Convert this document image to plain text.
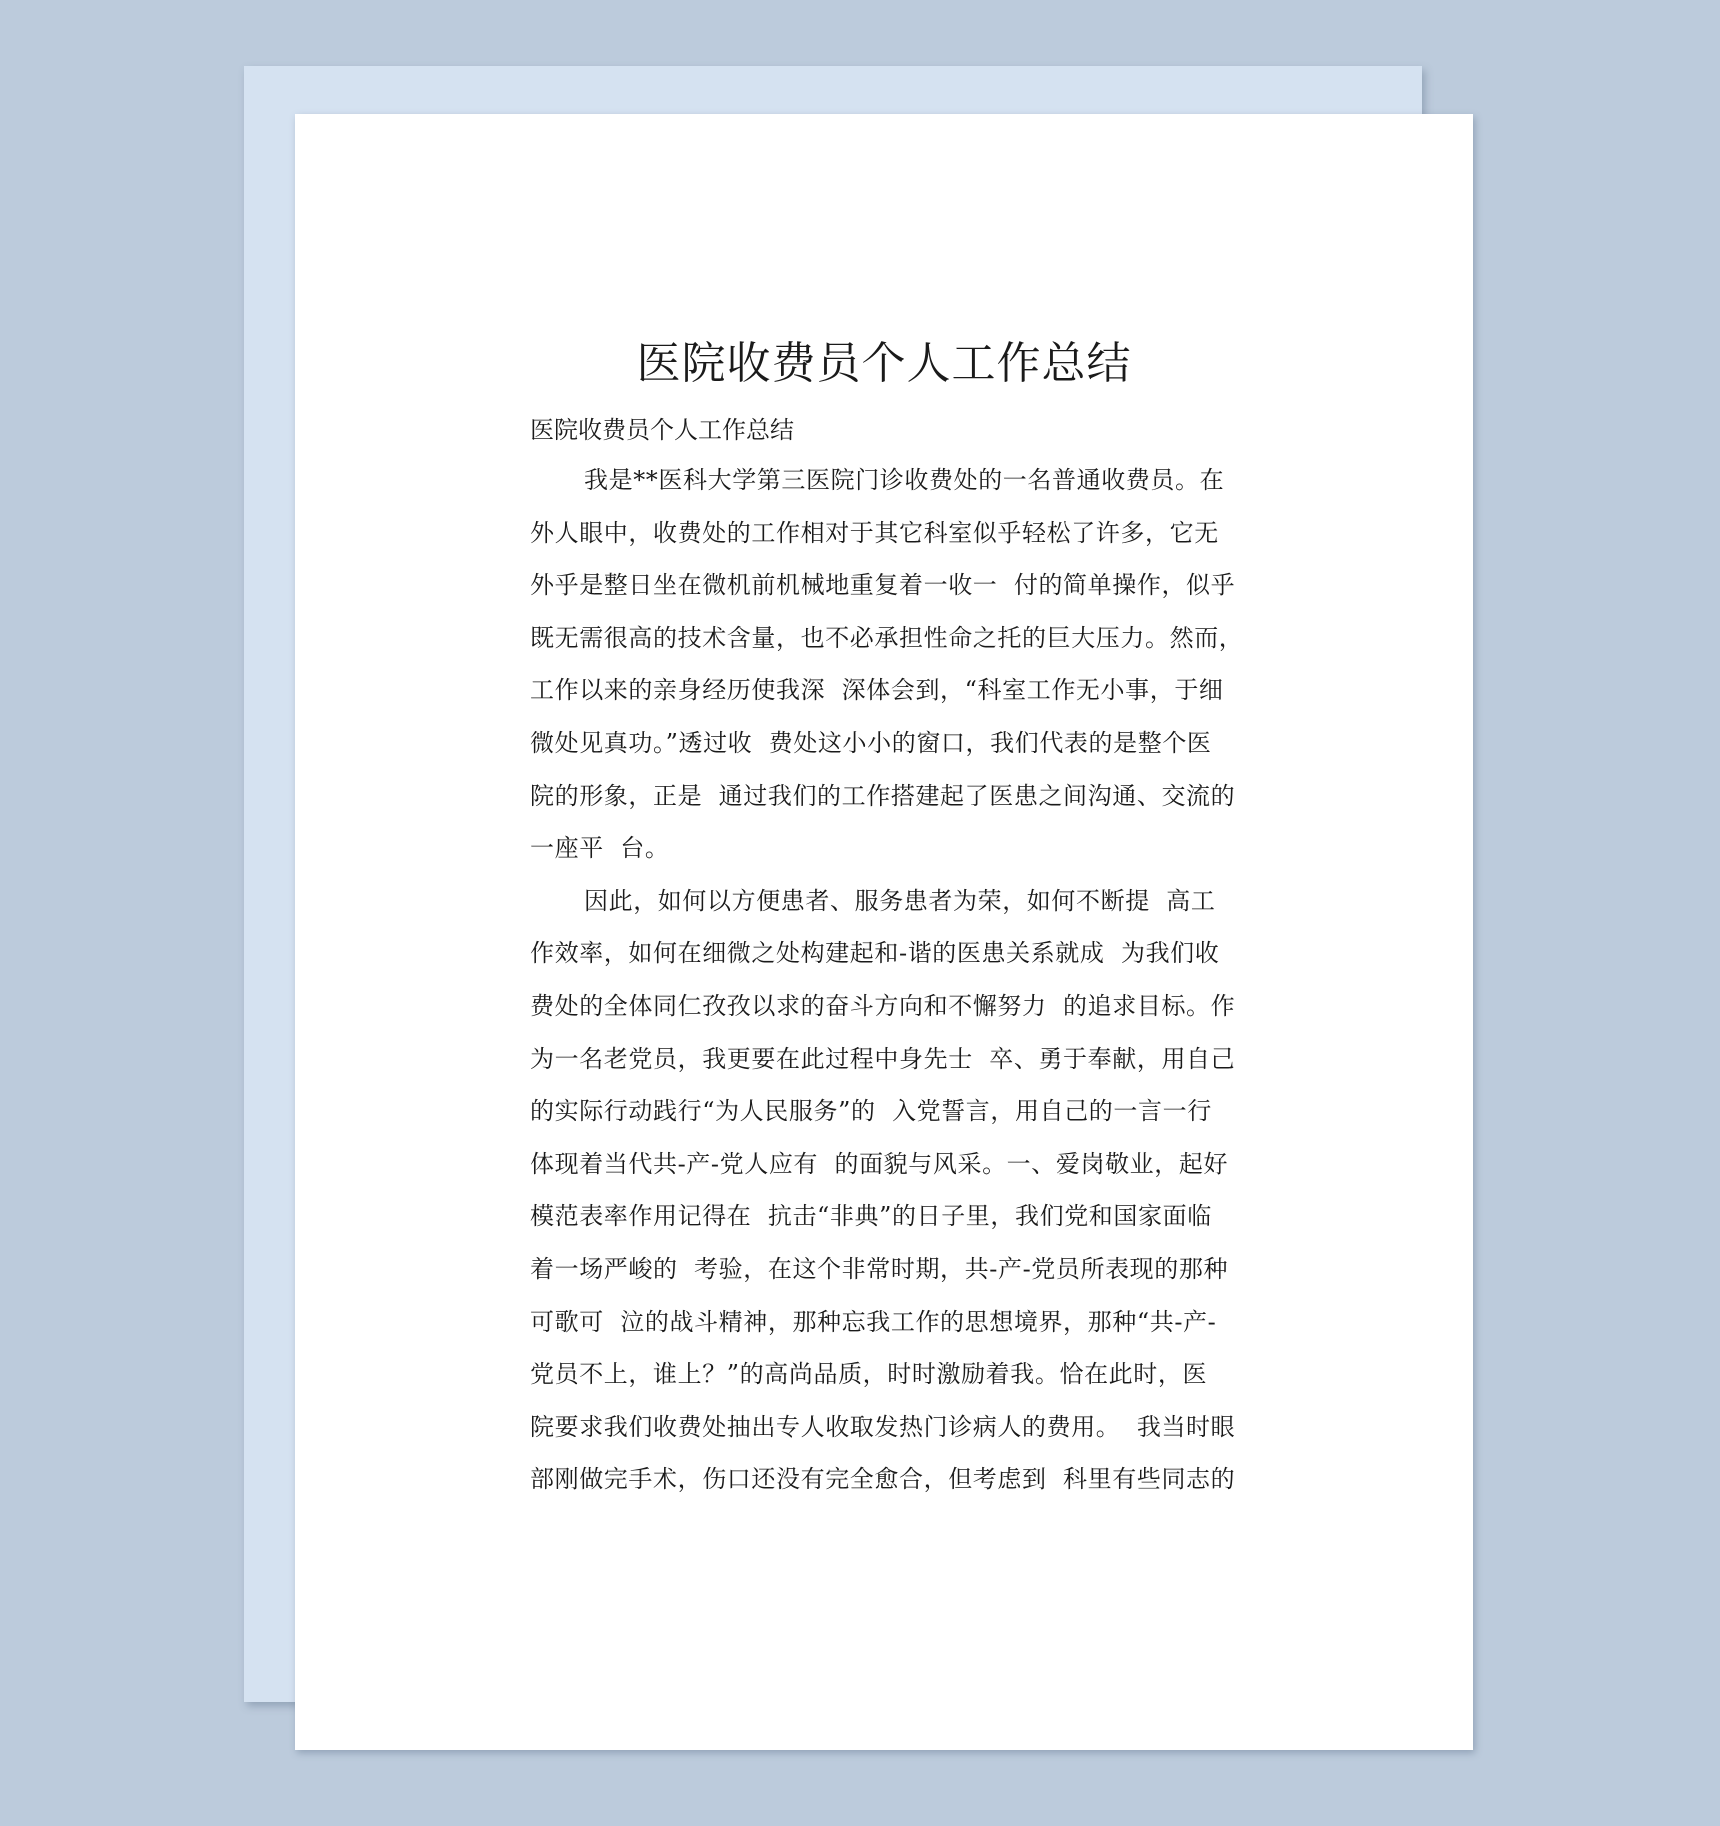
医院收费员个人工作总结
医院收费员个人工作总结
我是**医科大学第三医院门诊收费处的一名普通收费员。在
外人眼中，收费处的工作相对于其它科室似乎轻松了许多，它无
外乎是整日坐在微机前机械地重复着一收一  付的简单操作，似乎
既无需很高的技术含量，也不必承担性命之托的巨大压力。然而，
工作以来的亲身经历使我深  深体会到，“科室工作无小事，于细
微处见真功。”透过收  费处这小小的窗口，我们代表的是整个医
院的形象，正是  通过我们的工作搭建起了医患之间沟通、交流的
一座平  台。
因此，如何以方便患者、服务患者为荣，如何不断提  高工
作效率，如何在细微之处构建起和-谐的医患关系就成  为我们收
费处的全体同仁孜孜以求的奋斗方向和不懈努力  的追求目标。作
为一名老党员，我更要在此过程中身先士  卒、勇于奉献，用自己
的实际行动践行“为人民服务”的  入党誓言，用自己的一言一行
体现着当代共-产-党人应有  的面貌与风采。一、爱岗敬业，起好
模范表率作用记得在  抗击“非典”的日子里，我们党和国家面临
着一场严峻的  考验，在这个非常时期，共-产-党员所表现的那种
可歌可  泣的战斗精神，那种忘我工作的思想境界，那种“共-产-
党员不上，谁上？”的高尚品质，时时激励着我。恰在此时，医
院要求我们收费处抽出专人收取发热门诊病人的费用。  我当时眼
部刚做完手术，伤口还没有完全愈合，但考虑到  科里有些同志的
